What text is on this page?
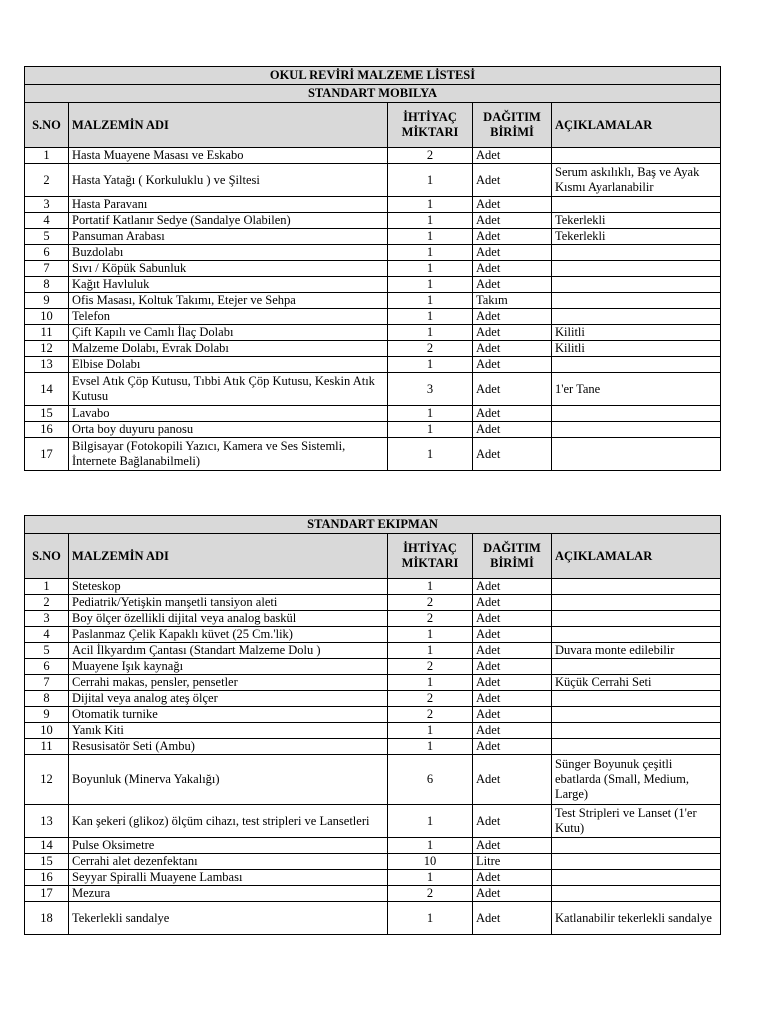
OKUL REVİRİ MALZEME LİSTESİ				
STANDART MOBILYA				
S.NO	MALZEMİN ADI	İHTİYAÇ MİKTARI	DAĞITIM BİRİMİ	AÇIKLAMALAR
1	Hasta Muayene Masası ve Eskabo	2	Adet	
2	Hasta Yatağı ( Korkuluklu ) ve Şiltesi	1	Adet	Serum askılıklı, Baş ve Ayak Kısmı Ayarlanabilir
3	Hasta Paravanı	1	Adet	
4	Portatif Katlanır Sedye (Sandalye Olabilen)	1	Adet	Tekerlekli
5	Pansuman Arabası	1	Adet	Tekerlekli
6	Buzdolabı	1	Adet	
7	Sıvı / Köpük Sabunluk	1	Adet	
8	Kağıt Havluluk	1	Adet	
9	Ofis Masası, Koltuk Takımı, Etejer ve Sehpa	1	Takım	
10	Telefon	1	Adet	
11	Çift Kapılı ve Camlı İlaç Dolabı	1	Adet	Kilitli
12	Malzeme Dolabı, Evrak Dolabı	2	Adet	Kilitli
13	Elbise Dolabı	1	Adet	
14	Evsel Atık Çöp Kutusu, Tıbbi Atık Çöp Kutusu, Keskin Atık Kutusu	3	Adet	1'er Tane
15	Lavabo	1	Adet	
16	Orta boy duyuru panosu	1	Adet	
17	Bilgisayar (Fotokopili Yazıcı, Kamera ve Ses Sistemli, İnternete Bağlanabilmeli)	1	Adet	
STANDART EKIPMAN				
S.NO	MALZEMİN ADI	İHTİYAÇ MİKTARI	DAĞITIM BİRİMİ	AÇIKLAMALAR
1	Steteskop	1	Adet	
2	Pediatrik/Yetişkin manşetli tansiyon aleti	2	Adet	
3	Boy ölçer özellikli dijital veya analog baskül	2	Adet	
4	Paslanmaz Çelik Kapaklı küvet (25 Cm.'lik)	1	Adet	
5	Acil İlkyardım Çantası (Standart Malzeme Dolu )	1	Adet	Duvara monte edilebilir
6	Muayene Işık kaynağı	2	Adet	
7	Cerrahi makas, pensler, pensetler	1	Adet	Küçük Cerrahi Seti
8	Dijital veya analog ateş ölçer	2	Adet	
9	Otomatik turnike	2	Adet	
10	Yanık Kiti	1	Adet	
11	Resusisatör Seti (Ambu)	1	Adet	
12	Boyunluk (Minerva Yakalığı)	6	Adet	Sünger Boyunuk çeşitli ebatlarda (Small, Medium, Large)
13	Kan şekeri (glikoz) ölçüm cihazı, test stripleri ve Lansetleri	1	Adet	Test Stripleri ve Lanset (1'er Kutu)
14	Pulse Oksimetre	1	Adet	
15	Cerrahi alet dezenfektanı	10	Litre	
16	Seyyar Spiralli Muayene Lambası	1	Adet	
17	Mezura	2	Adet	
18	Tekerlekli sandalye	1	Adet	Katlanabilir tekerlekli sandalye
